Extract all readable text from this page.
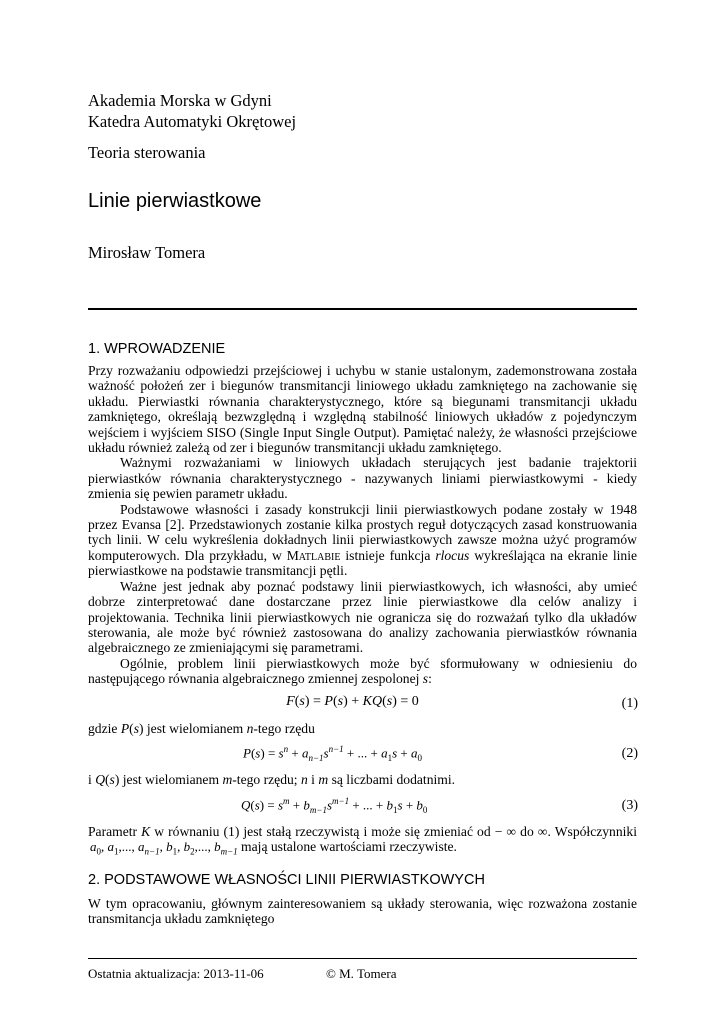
Akademia Morska w Gdyni
Katedra Automatyki Okrętowej
Teoria sterowania
Linie pierwiastkowe
Mirosław Tomera
1. WPROWADZENIE

Przy rozważaniu odpowiedzi przejściowej i uchybu w stanie ustalonym, zademonstrowana została ważność położeń zer i biegunów transmitancji liniowego układu zamkniętego na zachowanie się układu. Pierwiastki równania charakterystycznego, które są biegunami transmitancji układu zamkniętego, określają bezwzględną i względną stabilność liniowych układów z pojedynczym wejściem i wyjściem SISO (Single Input Single Output). Pamiętać należy, że własności przejściowe układu również zależą od zer i biegunów transmitancji układu zamkniętego.

Ważnymi rozważaniami w liniowych układach sterujących jest badanie trajektorii pierwiastków równania charakterystycznego - nazywanych liniami pierwiastkowymi - kiedy zmienia się pewien parametr układu.

Podstawowe własności i zasady konstrukcji linii pierwiastkowych podane zostały w 1948 przez Evansa [2]. Przedstawionych zostanie kilka prostych reguł dotyczących zasad konstruowania tych linii. W celu wykreślenia dokładnych linii pierwiastkowych zawsze można użyć programów komputerowych. Dla przykładu, w Matlabie istnieje funkcja rlocus wykreślająca na ekranie linie pierwiastkowe na podstawie transmitancji pętli.

Ważne jest jednak aby poznać podstawy linii pierwiastkowych, ich własności, aby umieć dobrze zinterpretować dane dostarczane przez linie pierwiastkowe dla celów analizy i projektowania. Technika linii pierwiastkowych nie ogranicza się do rozważań tylko dla układów sterowania, ale może być również zastosowana do analizy zachowania pierwiastków równania algebraicznego ze zmieniającymi się parametrami.

Ogólnie, problem linii pierwiastkowych może być sformułowany w odniesieniu do następującego równania algebraicznego zmiennej zespolonej s:

F(s) = P(s) + KQ(s) = 0	(1)
gdzie P(s) jest wielomianem n-tego rzędu
$P(s) = s^n + a_{n-1}s^{n-1}$ + ... + $a_1s + a_0$	(2)
i Q(s) jest wielomianem m-tego rzędu; n i m są liczbami dodatnimi.
$Q(s) = s^m + b_{m-1}s^{m-1}$ + ... + $b_1s + b_0$	(3)

Parametr K w równaniu (1) jest stałą rzeczywistą i może się zmieniać od − ∞ do ∞. Współczynniki

$a_0$, $a_1$,..., $a_{n-1}$, $b_1$, $b_2$,..., $b_{m-1}$ mają ustalone wartościami rzeczywiste.

2. PODSTAWOWE WŁASNOŚCI LINII PIERWIASTKOWYCH

W tym opracowaniu, głównym zainteresowaniem są układy sterowania, więc rozważona zostanie transmitancja układu zamkniętego

Ostatnia aktualizacja: 2013-11-06	© M. Tomera
